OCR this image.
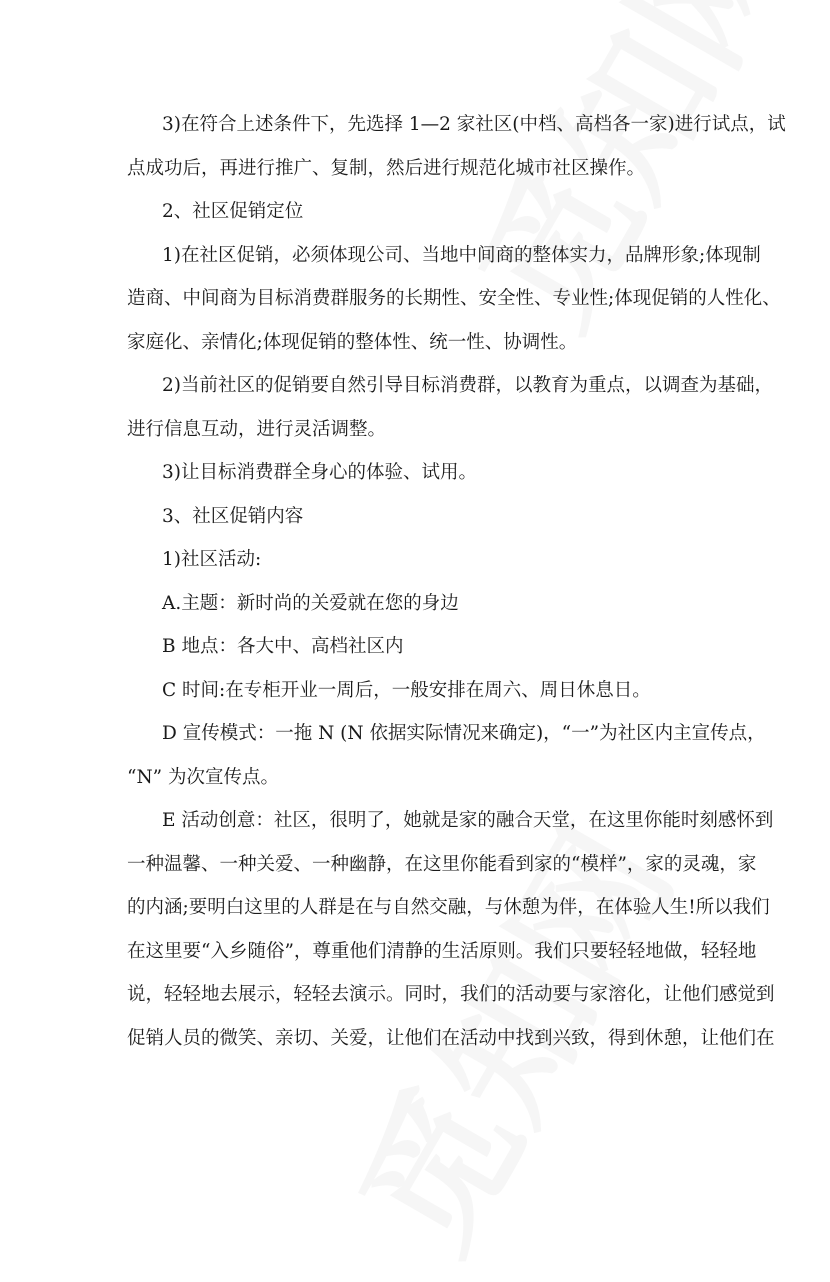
3)在符合上述条件下，先选择 1—2 家社区(中档、高档各一家)进行试点，试
点成功后，再进行推广、复制，然后进行规范化城市社区操作。
2、社区促销定位
1)在社区促销，必须体现公司、当地中间商的整体实力，品牌形象;体现制
造商、中间商为目标消费群服务的长期性、安全性、专业性;体现促销的人性化、
家庭化、亲情化;体现促销的整体性、统一性、协调性。
2)当前社区的促销要自然引导目标消费群，以教育为重点，以调查为基础，
进行信息互动，进行灵活调整。
3)让目标消费群全身心的体验、试用。
3、社区促销内容
1)社区活动:
A.主题：新时尚的关爱就在您的身边
B 地点：各大中、高档社区内
C 时间:在专柜开业一周后，一般安排在周六、周日休息日。
D 宣传模式：一拖 N (N 依据实际情况来确定)，“一”为社区内主宣传点，
“N” 为次宣传点。
E 活动创意：社区，很明了，她就是家的融合天堂，在这里你能时刻感怀到
一种温馨、一种关爱、一种幽静，在这里你能看到家的“模样”，家的灵魂，家
的内涵;要明白这里的人群是在与自然交融，与休憩为伴，在体验人生!所以我们
在这里要“入乡随俗”，尊重他们清静的生活原则。我们只要轻轻地做，轻轻地
说，轻轻地去展示，轻轻去演示。同时，我们的活动要与家溶化，让他们感觉到
促销人员的微笑、亲切、关爱，让他们在活动中找到兴致，得到休憩，让他们在
